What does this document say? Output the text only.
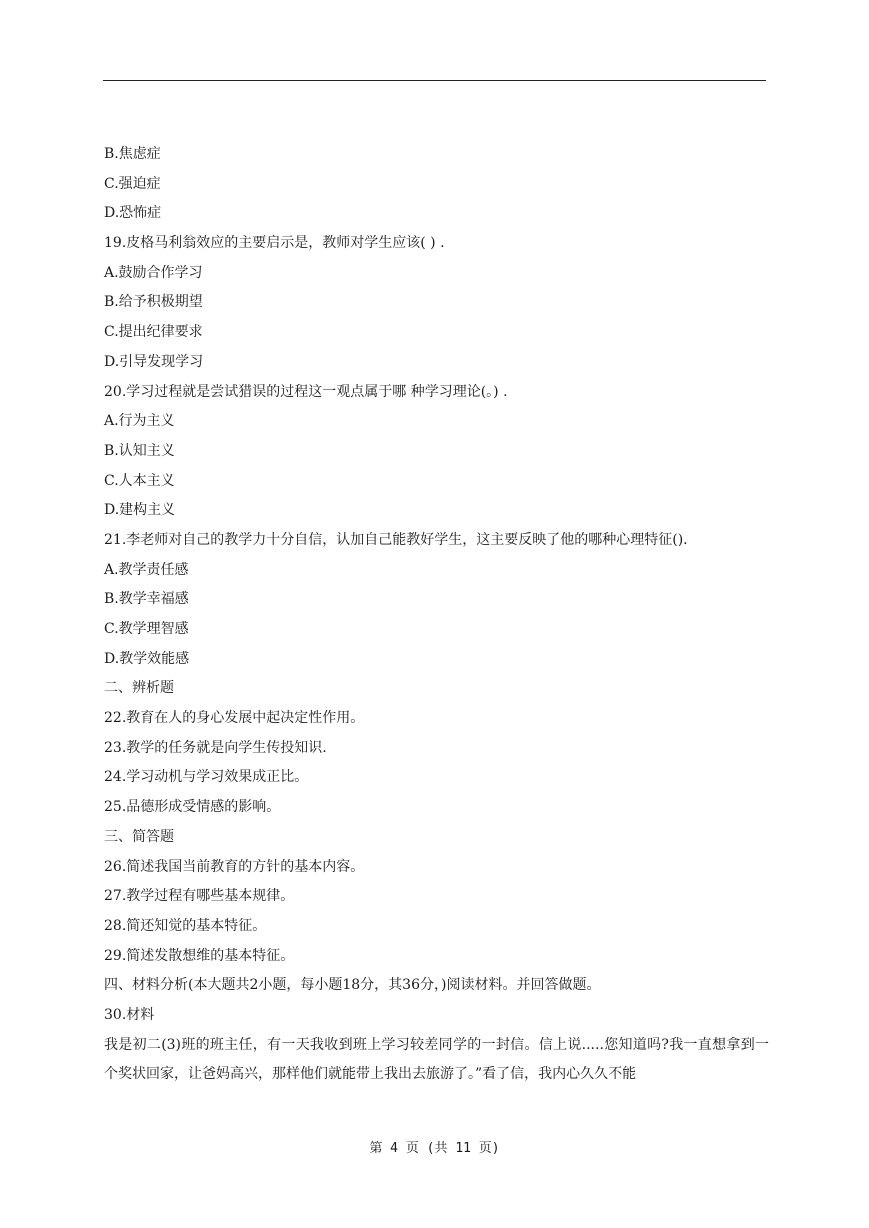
B.焦虑症
C.强迫症
D.恐怖症
19.皮格马利翁效应的主要启示是，教师对学生应该( ) .
A.鼓励合作学习
B.给予积极期望
C.提出纪律要求
D.引导发现学习
20.学习过程就是尝试猎误的过程这一观点属于哪 种学习理论(。) .
A.行为主义
B.认知主义
C.人本主义
D.建构主义
21.李老师对自己的教学力十分自信，认加自己能教好学生，这主要反映了他的哪种心理特征().
A.教学责任感
B.教学幸福感
C.教学理智感
D.教学效能感
二、辨析题
22.教育在人的身心发展中起决定性作用。
23.教学的任务就是向学生传投知识.
24.学习动机与学习效果成正比。
25.品德形成受情感的影响。
三、简答题
26.简述我国当前教育的方针的基本内容。
27.教学过程有哪些基本规律。
28.简还知觉的基本特征。
29.简述发散想维的基本特征。
四、材料分析(本大题共2小题，每小题18分，其36分，)阅读材料。并回答做题。
30.材料
我是初二(3)班的班主任，有一天我收到班上学习较差同学的一封信。信上说.....您知道吗?我一直想拿到一个奖状回家，让爸妈高兴，那样他们就能带上我出去旅游了。”看了信，我内心久久不能
第 4 页 (共 11 页)
